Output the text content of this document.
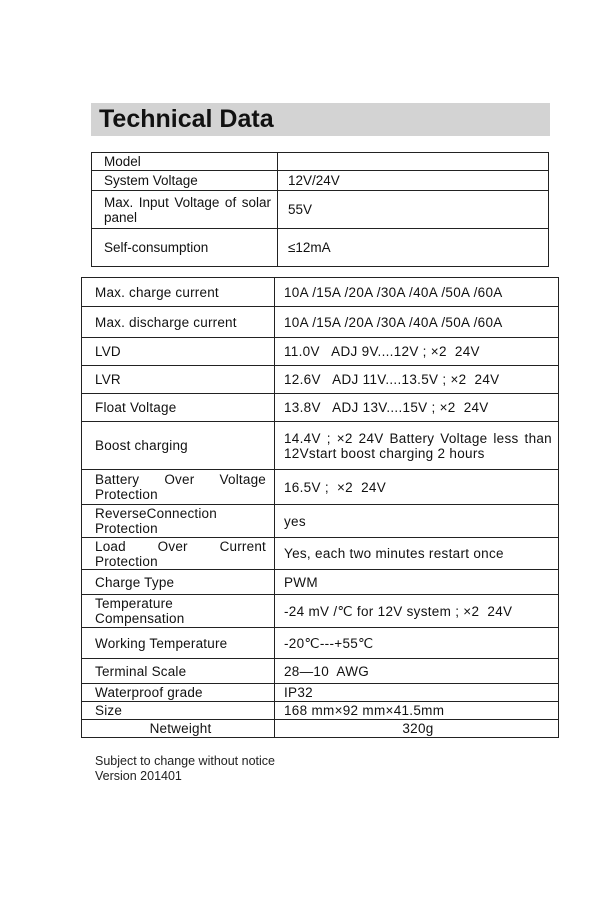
Technical Data
Model	
System Voltage	12V/24V
Max. Input Voltage of solar panel	55V
Self-consumption	≤12mA
Max. charge current	10A /15A /20A /30A /40A /50A /60A
Max. discharge current	10A /15A /20A /30A /40A /50A /60A
LVD	11.0V   ADJ 9V....12V ; ×2  24V
LVR	12.6V   ADJ 11V....13.5V ; ×2  24V
Float Voltage	13.8V   ADJ 13V....15V ; ×2  24V
Boost charging	14.4V ; ×2 24V Battery Voltage less than 12Vstart boost charging 2 hours
Battery Over Voltage Protection	16.5V ;  ×2  24V
ReverseConnection Protection	yes
Load Over Current Protection	Yes, each two minutes restart once
Charge Type	PWM
Temperature Compensation	-24 mV /℃ for 12V system ; ×2  24V
Working Temperature	-20℃---+55℃
Terminal Scale	28—10  AWG
Waterproof grade	IP32
Size	168 mm×92 mm×41.5mm
Netweight	320g
Subject to change without notice
Version 201401
